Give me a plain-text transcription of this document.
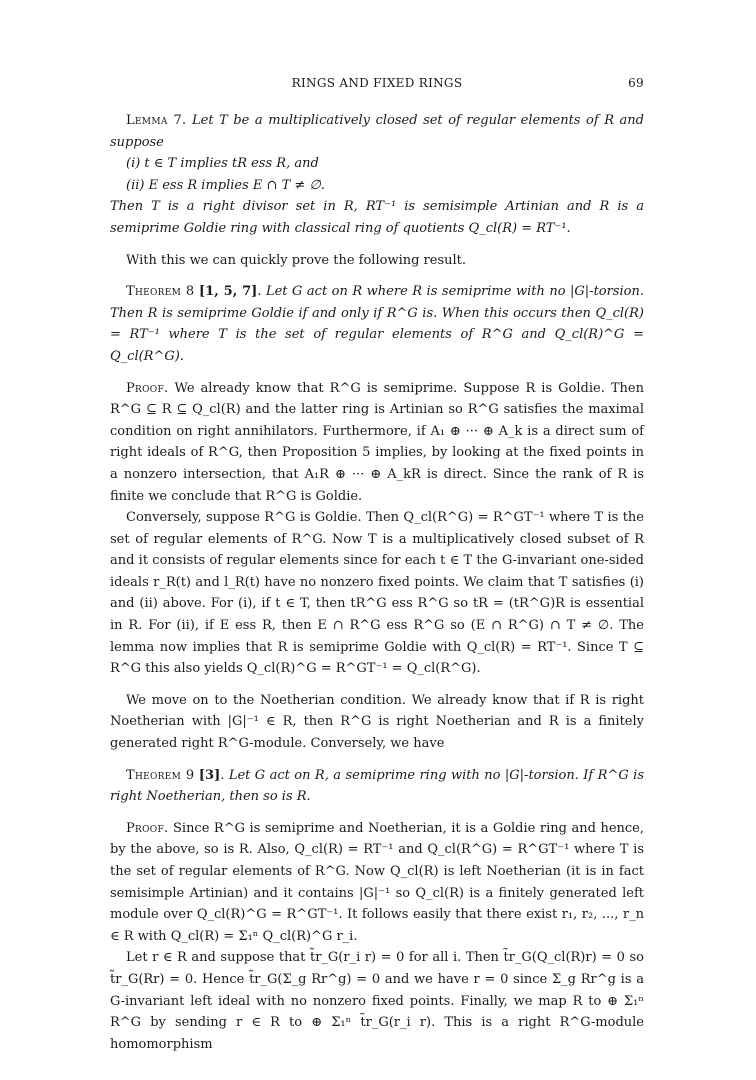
RINGS AND FIXED RINGS	69

Lemma 7. Let T be a multiplicatively closed set of regular elements of R and suppose

(i) t ∈ T implies tR ess R, and

(ii) E ess R implies E ∩ T ≠ ∅.

Then T is a right divisor set in R, RT⁻¹ is semisimple Artinian and R is a semiprime Goldie ring with classical ring of quotients Q_cl(R) = RT⁻¹.

With this we can quickly prove the following result.

Theorem 8 [1, 5, 7]. Let G act on R where R is semiprime with no |G|-torsion. Then R is semiprime Goldie if and only if R^G is. When this occurs then Q_cl(R) = RT⁻¹ where T is the set of regular elements of R^G and Q_cl(R)^G = Q_cl(R^G).

Proof. We already know that R^G is semiprime. Suppose R is Goldie. Then R^G ⊆ R ⊆ Q_cl(R) and the latter ring is Artinian so R^G satisfies the maximal condition on right annihilators. Furthermore, if A₁ ⊕ ··· ⊕ A_k is a direct sum of right ideals of R^G, then Proposition 5 implies, by looking at the fixed points in a nonzero intersection, that A₁R ⊕ ··· ⊕ A_kR is direct. Since the rank of R is finite we conclude that R^G is Goldie.

Conversely, suppose R^G is Goldie. Then Q_cl(R^G) = R^GT⁻¹ where T is the set of regular elements of R^G. Now T is a multiplicatively closed subset of R and it consists of regular elements since for each t ∈ T the G-invariant one-sided ideals r_R(t) and l_R(t) have no nonzero fixed points. We claim that T satisfies (i) and (ii) above. For (i), if t ∈ T, then tR^G ess R^G so tR = (tR^G)R is essential in R. For (ii), if E ess R, then E ∩ R^G ess R^G so (E ∩ R^G) ∩ T ≠ ∅. The lemma now implies that R is semiprime Goldie with Q_cl(R) = RT⁻¹. Since T ⊆ R^G this also yields Q_cl(R)^G = R^GT⁻¹ = Q_cl(R^G).

We move on to the Noetherian condition. We already know that if R is right Noetherian with |G|⁻¹ ∈ R, then R^G is right Noetherian and R is a finitely generated right R^G-module. Conversely, we have

Theorem 9 [3]. Let G act on R, a semiprime ring with no |G|-torsion. If R^G is right Noetherian, then so is R.

Proof. Since R^G is semiprime and Noetherian, it is a Goldie ring and hence, by the above, so is R. Also, Q_cl(R) = RT⁻¹ and Q_cl(R^G) = R^GT⁻¹ where T is the set of regular elements of R^G. Now Q_cl(R) is left Noetherian (it is in fact semisimple Artinian) and it contains |G|⁻¹ so Q_cl(R) is a finitely generated left module over Q_cl(R)^G = R^GT⁻¹. It follows easily that there exist r₁, r₂, ..., r_n ∈ R with Q_cl(R) = Σ₁ⁿ Q_cl(R)^G r_i.

Let r ∈ R and suppose that t̃r_G(r_i r) = 0 for all i. Then t̃r_G(Q_cl(R)r) = 0 so t̃r_G(Rr) = 0. Hence t̃r_G(Σ_g Rr^g) = 0 and we have r = 0 since Σ_g Rr^g is a G-invariant left ideal with no nonzero fixed points. Finally, we map R to ⊕ Σ₁ⁿ R^G by sending r ∈ R to ⊕ Σ₁ⁿ t̃r_G(r_i r). This is a right R^G-module homomorphism
